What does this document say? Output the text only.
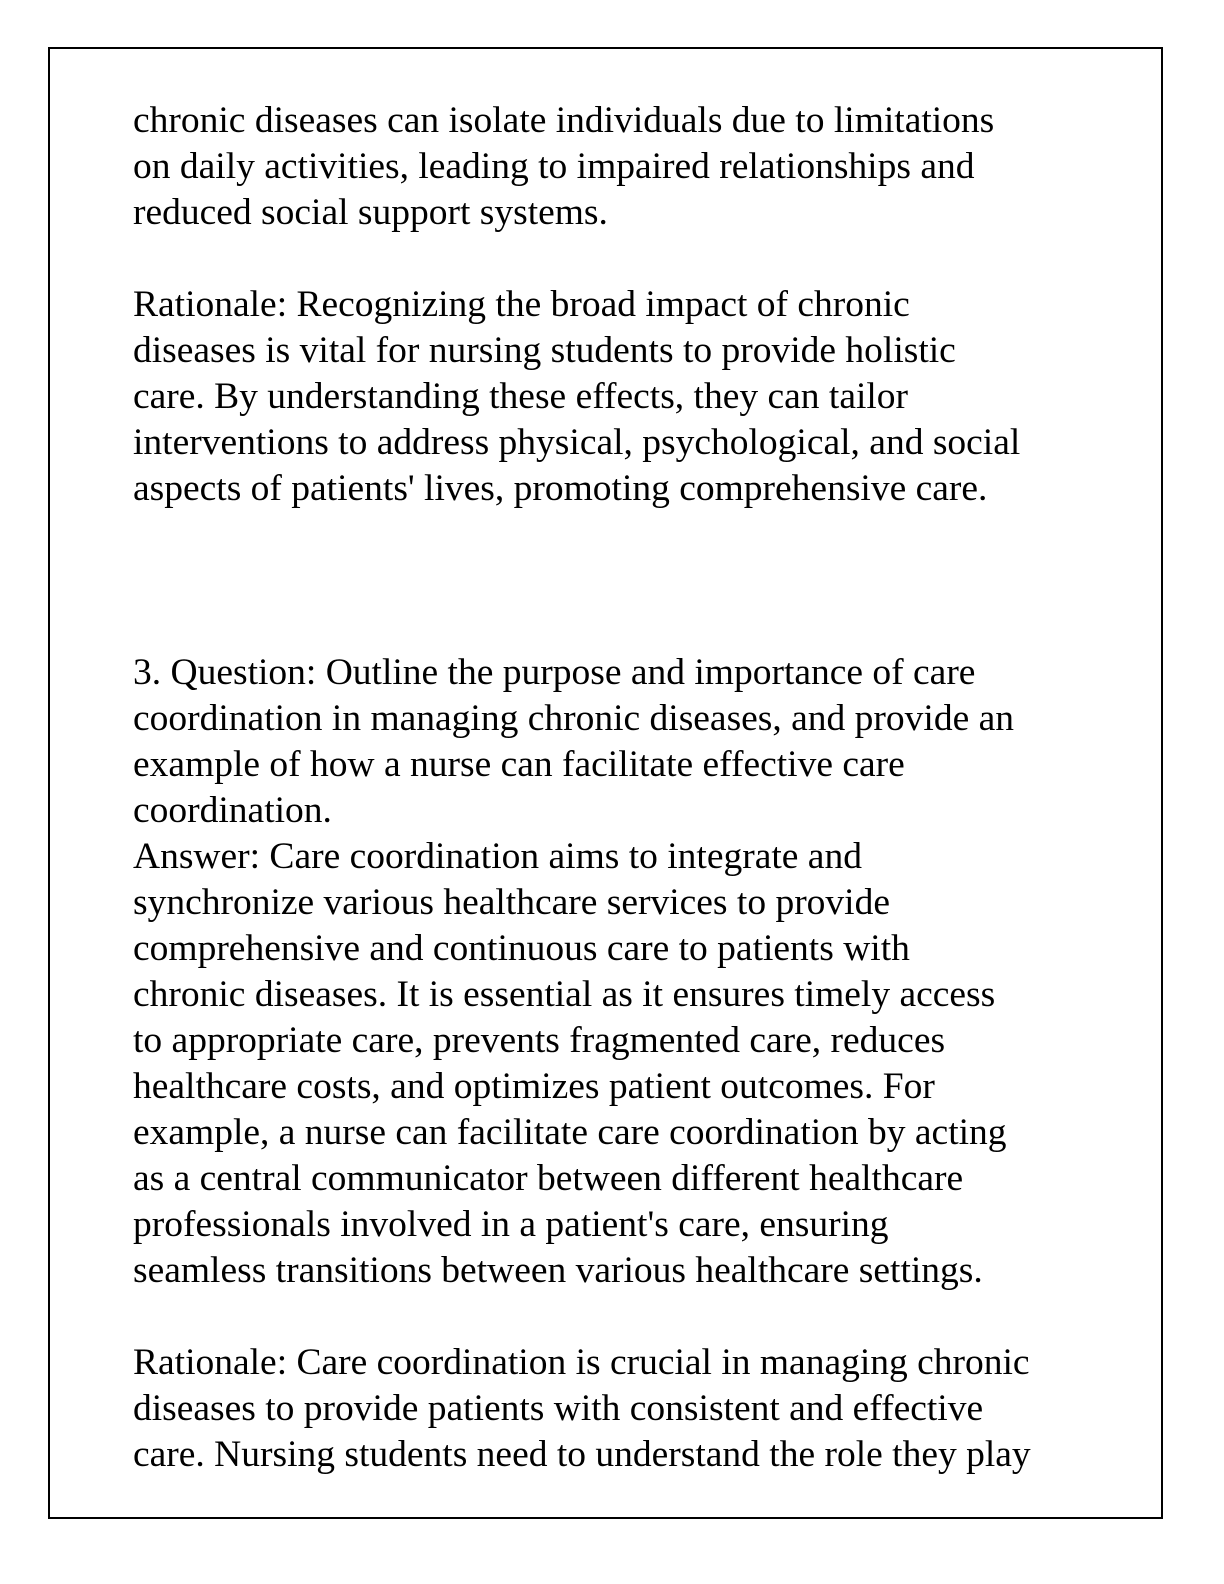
chronic diseases can isolate individuals due to limitations
on daily activities, leading to impaired relationships and
reduced social support systems.
Rationale: Recognizing the broad impact of chronic
diseases is vital for nursing students to provide holistic
care. By understanding these effects, they can tailor
interventions to address physical, psychological, and social
aspects of patients' lives, promoting comprehensive care.
3. Question: Outline the purpose and importance of care
coordination in managing chronic diseases, and provide an
example of how a nurse can facilitate effective care
coordination.
Answer: Care coordination aims to integrate and
synchronize various healthcare services to provide
comprehensive and continuous care to patients with
chronic diseases. It is essential as it ensures timely access
to appropriate care, prevents fragmented care, reduces
healthcare costs, and optimizes patient outcomes. For
example, a nurse can facilitate care coordination by acting
as a central communicator between different healthcare
professionals involved in a patient's care, ensuring
seamless transitions between various healthcare settings.
Rationale: Care coordination is crucial in managing chronic
diseases to provide patients with consistent and effective
care. Nursing students need to understand the role they play
